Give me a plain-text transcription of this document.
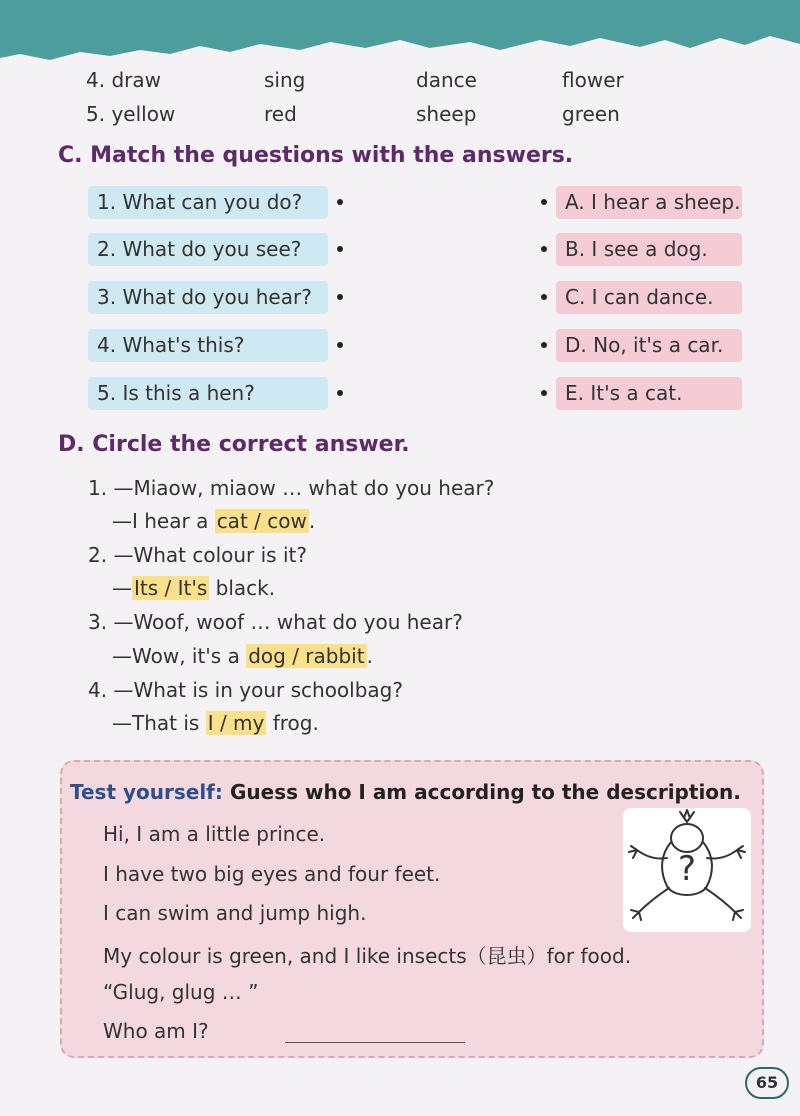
4. draw	sing	dance	flower
5. yellow	red	sheep	green
C. Match the questions with the answers.
1. What can you do?
2. What do you see?
3. What do you hear?
4. What's this?
5. Is this a hen?
A. I hear a sheep.
B. I see a dog.
C. I can dance.
D. No, it's a car.
E. It's a cat.
D. Circle the correct answer.
1. —Miaow, miaow … what do you hear?
—I hear a cat / cow .
2. —What colour is it?
— Its / It's black.
3. —Woof, woof … what do you hear?
—Wow, it's a dog / rabbit .
4. —What is in your schoolbag?
—That is I / my frog.
Test yourself: Guess who I am according to the description.
Hi, I am a little prince.
I have two big eyes and four feet.
I can swim and jump high.
My colour is green, and I like insects（昆虫）for food.
“Glug, glug … ”
Who am I?
?
65
